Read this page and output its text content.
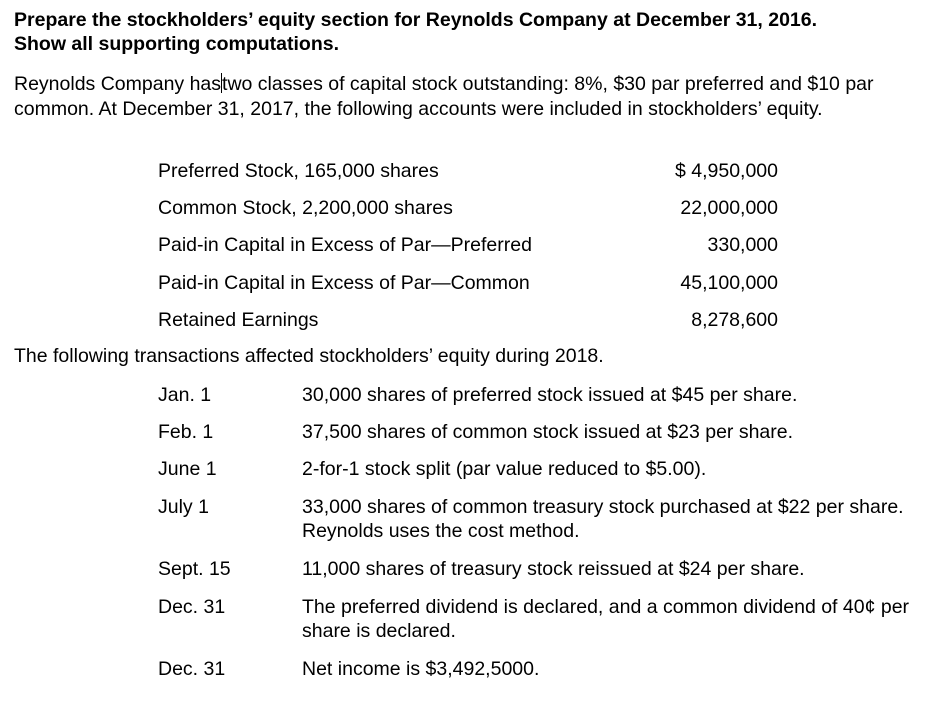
Prepare the stockholders’ equity section for Reynolds Company at December 31, 2016.
Show all supporting computations.
Reynolds Company hastwo classes of capital stock outstanding: 8%, $30 par preferred and $10 par common. At December 31, 2017, the following accounts were included in stockholders’ equity.
Preferred Stock, 165,000 shares	$ 4,950,000
Common Stock, 2,200,000 shares	22,000,000
Paid-in Capital in Excess of Par—Preferred	330,000
Paid-in Capital in Excess of Par—Common	45,100,000
Retained Earnings	8,278,600
The following transactions affected stockholders’ equity during 2018.
Jan. 1	30,000 shares of preferred stock issued at $45 per share.
Feb. 1	37,500 shares of common stock issued at $23 per share.
June 1	2-for-1 stock split (par value reduced to $5.00).
July 1	33,000 shares of common treasury stock purchased at $22 per share. Reynolds uses the cost method.
Sept. 15	11,000 shares of treasury stock reissued at $24 per share.
Dec. 31	The preferred dividend is declared, and a common dividend of 40¢ per share is declared.
Dec. 31	Net income is $3,492,5000.
